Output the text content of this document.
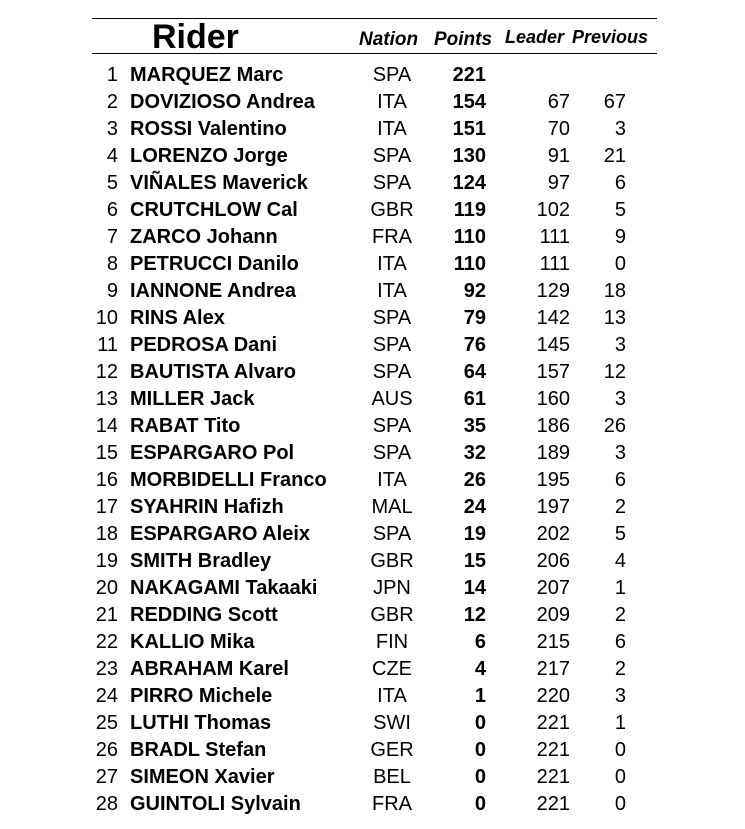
Rider	Nation Points Leader Previous
1 MARQUEZ Marc	SPA	221
2 DOVIZIOSO Andrea	ITA	154	67	67
3 ROSSI Valentino	ITA	151	70	3
4 LORENZO Jorge	SPA	130	91	21
5 VIÑALES Maverick	SPA	124	97	6
6 CRUTCHLOW Cal	GBR	119	102	5
7 ZARCO Johann	FRA	110	111	9
8 PETRUCCI Danilo	ITA	110	111	0
9 IANNONE Andrea	ITA	92	129	18
10 RINS Alex	SPA	79	142	13
11 PEDROSA Dani	SPA	76	145	3
12 BAUTISTA Alvaro	SPA	64	157	12
13 MILLER Jack	AUS	61	160	3
14 RABAT Tito	SPA	35	186	26
15 ESPARGARO Pol	SPA	32	189	3
16 MORBIDELLI Franco	ITA	26	195	6
17 SYAHRIN Hafizh	MAL	24	197	2
18 ESPARGARO Aleix	SPA	19	202	5
19 SMITH Bradley	GBR	15	206	4
20 NAKAGAMI Takaaki	JPN	14	207	1
21 REDDING Scott	GBR	12	209	2
22 KALLIO Mika	FIN	6	215	6
23 ABRAHAM Karel	CZE	4	217	2
24 PIRRO Michele	ITA	1	220	3
25 LUTHI Thomas	SWI	0	221	1
26 BRADL Stefan	GER	0	221	0
27 SIMEON Xavier	BEL	0	221	0
28 GUINTOLI Sylvain	FRA	0	221	0
